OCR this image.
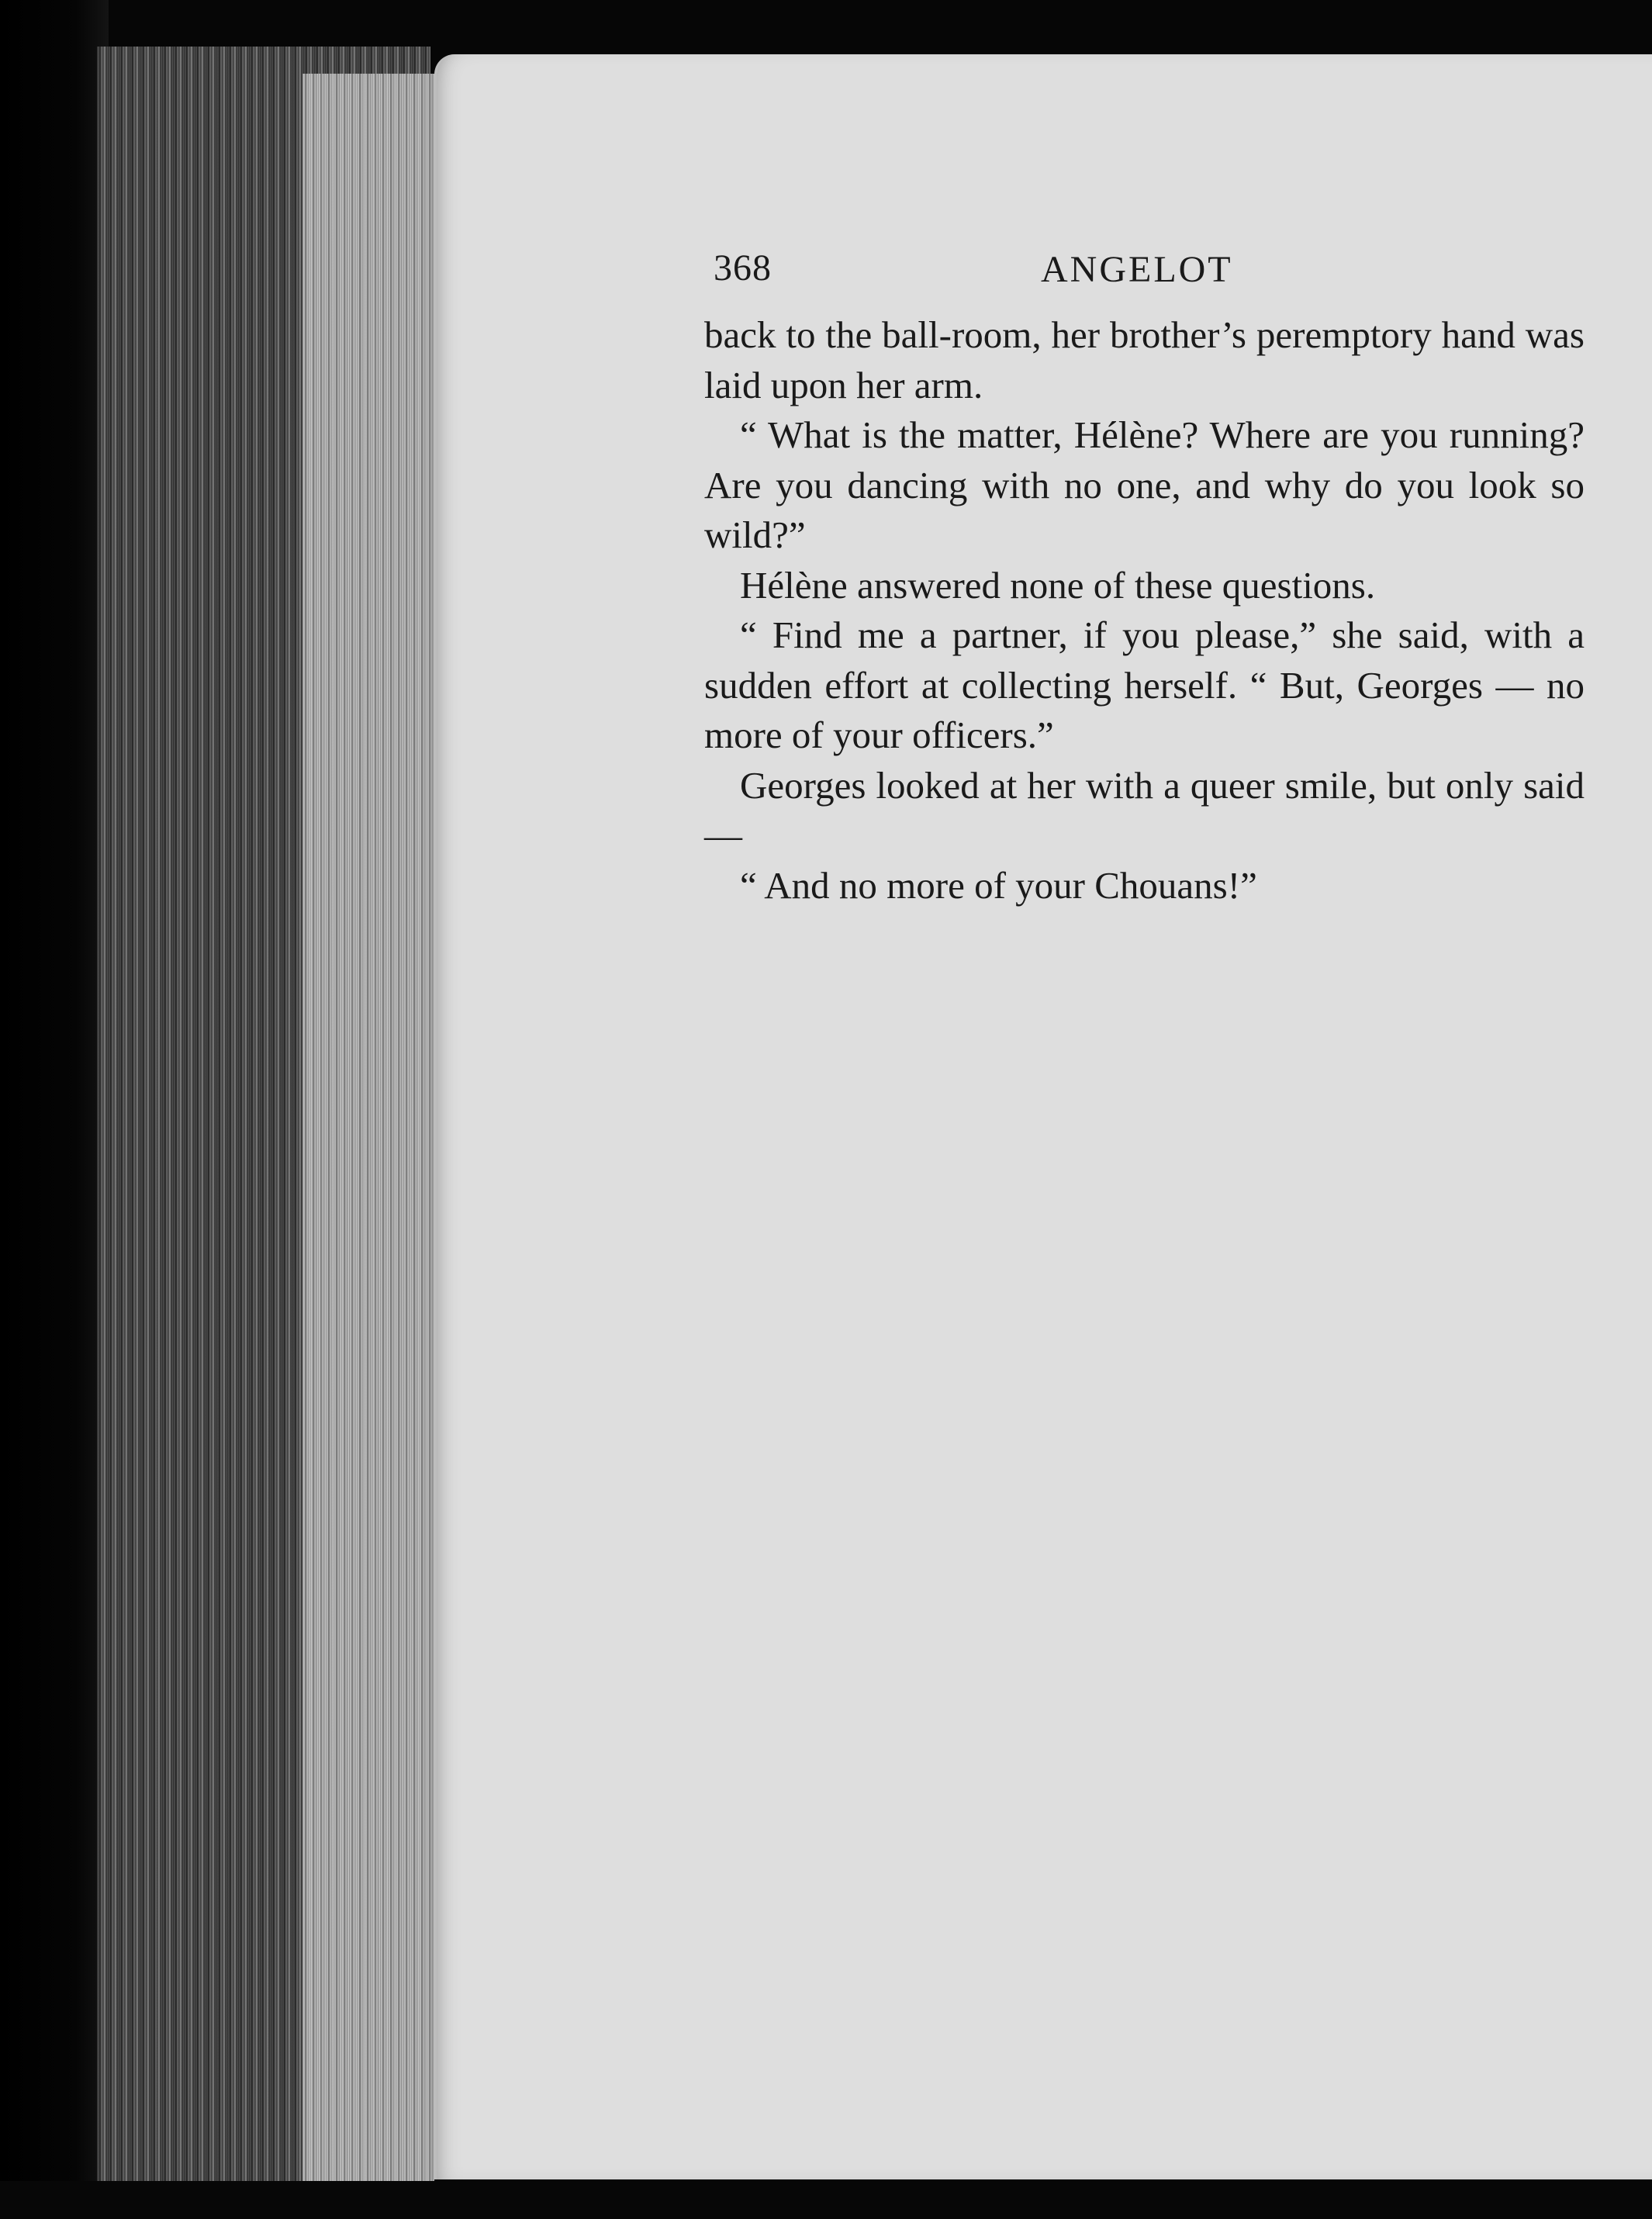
368	ANGELOT

back to the ball-room, her brother’s peremptory hand was laid upon her arm.

“ What is the matter, Hélène? Where are you running? Are you dancing with no one, and why do you look so wild?”

Hélène answered none of these questions.

“ Find me a partner, if you please,” she said, with a sudden effort at collecting herself. “ But, Georges — no more of your officers.”

Georges looked at her with a queer smile, but only said —

“ And no more of your Chouans!”
